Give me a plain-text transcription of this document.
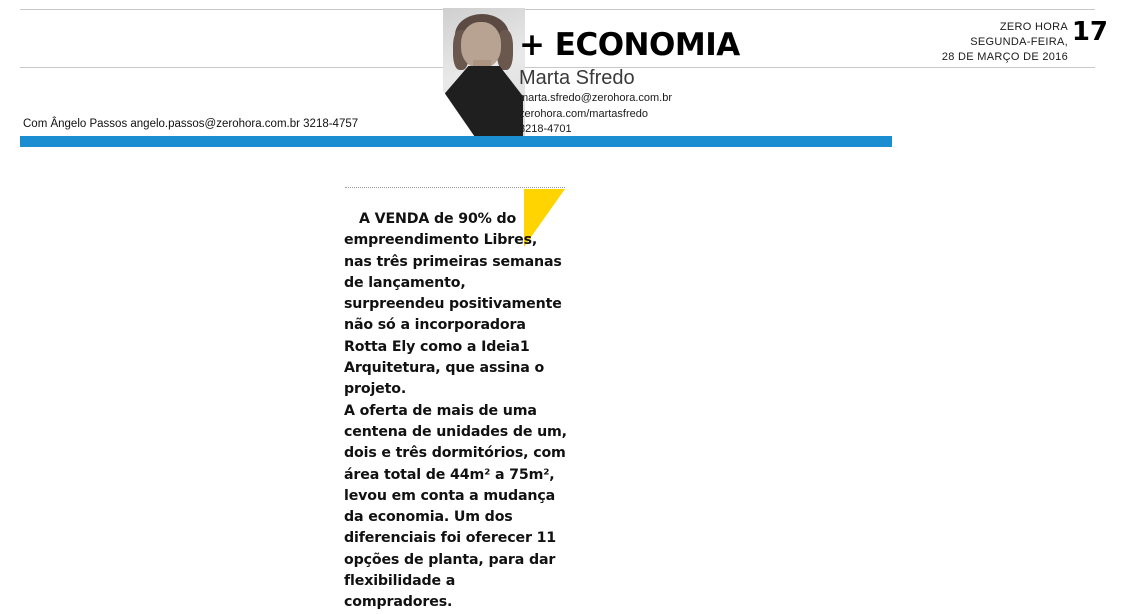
+ ECONOMIA
Marta Sfredo
marta.sfredo@zerohora.com.br
zerohora.com/martasfredo
3218-4701
Com Ângelo Passos angelo.passos@zerohora.com.br 3218-4757
ZERO HORA
SEGUNDA-FEIRA,
28 DE MARÇO DE 2016
17

A VENDA de 90% do empreendimento Libres, nas três primeiras semanas de lançamento, surpreendeu positivamente não só a incorporadora Rotta Ely como a Ideia1 Arquitetura, que assina o projeto.

A oferta de mais de uma centena de unidades de um, dois e três dormitórios, com área total de 44m² a 75m², levou em conta a mudança da economia. Um dos diferenciais foi oferecer 11 opções de planta, para dar flexibilidade a compradores.
